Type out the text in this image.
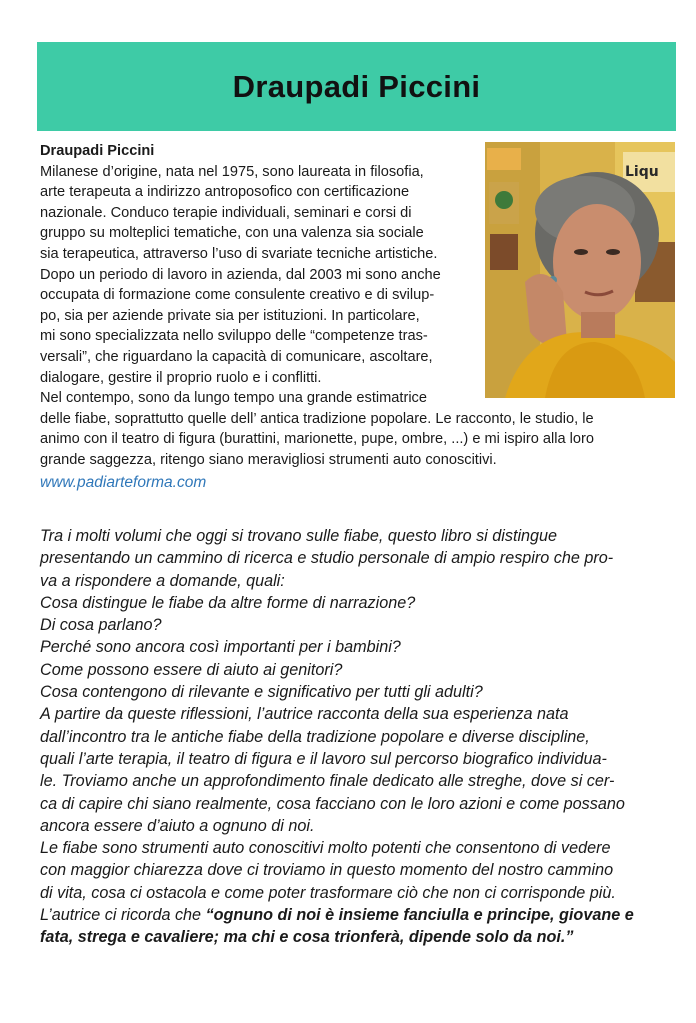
Draupadi Piccini
Draupadi Piccini
Milanese d’origine, nata nel 1975, sono laureata in filosofia,
arte terapeuta a indirizzo antroposofico con certificazione
nazionale. Conduco terapie individuali, seminari e corsi di
gruppo su molteplici tematiche, con una valenza sia sociale
sia terapeutica, attraverso l’uso di svariate tecniche artistiche.
Dopo un periodo di lavoro in azienda, dal 2003 mi sono anche
occupata di formazione come consulente creativo e di svilup-
po, sia per aziende private sia per istituzioni. In particolare,
mi sono specializzata nello sviluppo delle “competenze tras-
versali”, che riguardano la capacità di comunicare, ascoltare,
dialogare, gestire il proprio ruolo e i conflitti.
Nel contempo, sono da lungo tempo una grande estimatrice
delle fiabe, soprattutto quelle dell’ antica tradizione popolare. Le racconto, le studio, le
animo con il teatro di figura (burattini, marionette, pupe, ombre, ...) e mi ispiro alla loro
grande saggezza, ritengo siano meravigliosi strumenti auto conoscitivi.
www.padiarteforma.com
Liqu
Tra i molti volumi che oggi si trovano sulle fiabe, questo libro si distingue
presentando un cammino di ricerca e studio personale di ampio respiro che pro-
va a rispondere a domande, quali:
Cosa distingue le fiabe da altre forme di narrazione?
Di cosa parlano?
Perché sono ancora così importanti per i bambini?
Come possono essere di aiuto ai genitori?
Cosa contengono di rilevante e significativo per tutti gli adulti?
A partire da queste riflessioni, l’autrice racconta della sua esperienza nata
dall’incontro tra le antiche fiabe della tradizione popolare e diverse discipline,
quali l’arte terapia, il teatro di figura e il lavoro sul percorso biografico individua-
le. Troviamo anche un approfondimento finale dedicato alle streghe, dove si cer-
ca di capire chi siano realmente, cosa facciano con le loro azioni e come possano
ancora essere d’aiuto a ognuno di noi.
Le fiabe sono strumenti auto conoscitivi molto potenti che consentono di vedere
con maggior chiarezza dove ci troviamo in questo momento del nostro cammino
di vita, cosa ci ostacola e come poter trasformare ciò che non ci corrisponde più.
L’autrice ci ricorda che “ognuno di noi è insieme fanciulla e principe, giovane e
fata, strega e cavaliere; ma chi e cosa trionferà, dipende solo da noi.”
